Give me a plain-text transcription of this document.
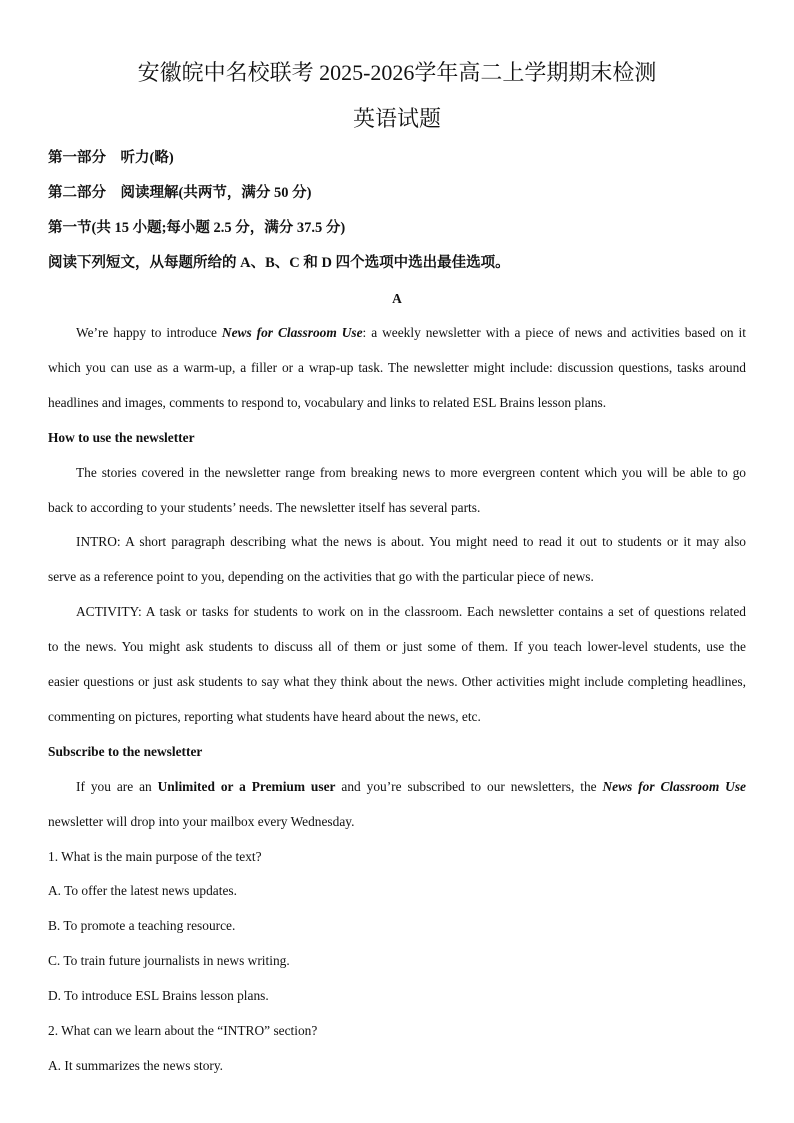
安徽皖中名校联考 2025-2026学年高二上学期期末检测
英语试题
第一部分　听力(略)
第二部分　阅读理解(共两节，满分 50 分)
第一节(共 15 小题;每小题 2.5 分，满分 37.5 分)
阅读下列短文，从每题所给的 A、B、C 和 D 四个选项中选出最佳选项。
A
We’re happy to introduce News for Classroom Use: a weekly newsletter with a piece of news and activities based on it
which you can use as a warm-up, a filler or a wrap-up task. The newsletter might include: discussion questions, tasks around
headlines and images, comments to respond to, vocabulary and links to related ESL Brains lesson plans.
How to use the newsletter
The stories covered in the newsletter range from breaking news to more evergreen content which you will be able to go
back to according to your students’ needs. The newsletter itself has several parts.
INTRO: A short paragraph describing what the news is about. You might need to read it out to students or it may also
serve as a reference point to you, depending on the activities that go with the particular piece of news.
ACTIVITY: A task or tasks for students to work on in the classroom. Each newsletter contains a set of questions related
to the news. You might ask students to discuss all of them or just some of them. If you teach lower-level students, use the
easier questions or just ask students to say what they think about the news. Other activities might include completing headlines,
commenting on pictures, reporting what students have heard about the news, etc.
Subscribe to the newsletter
If you are an Unlimited or a Premium user and you’re subscribed to our newsletters, the News for Classroom Use
newsletter will drop into your mailbox every Wednesday.
1. What is the main purpose of the text?
A. To offer the latest news updates.
B. To promote a teaching resource.
C. To train future journalists in news writing.
D. To introduce ESL Brains lesson plans.
2. What can we learn about the “INTRO” section?
A. It summarizes the news story.
